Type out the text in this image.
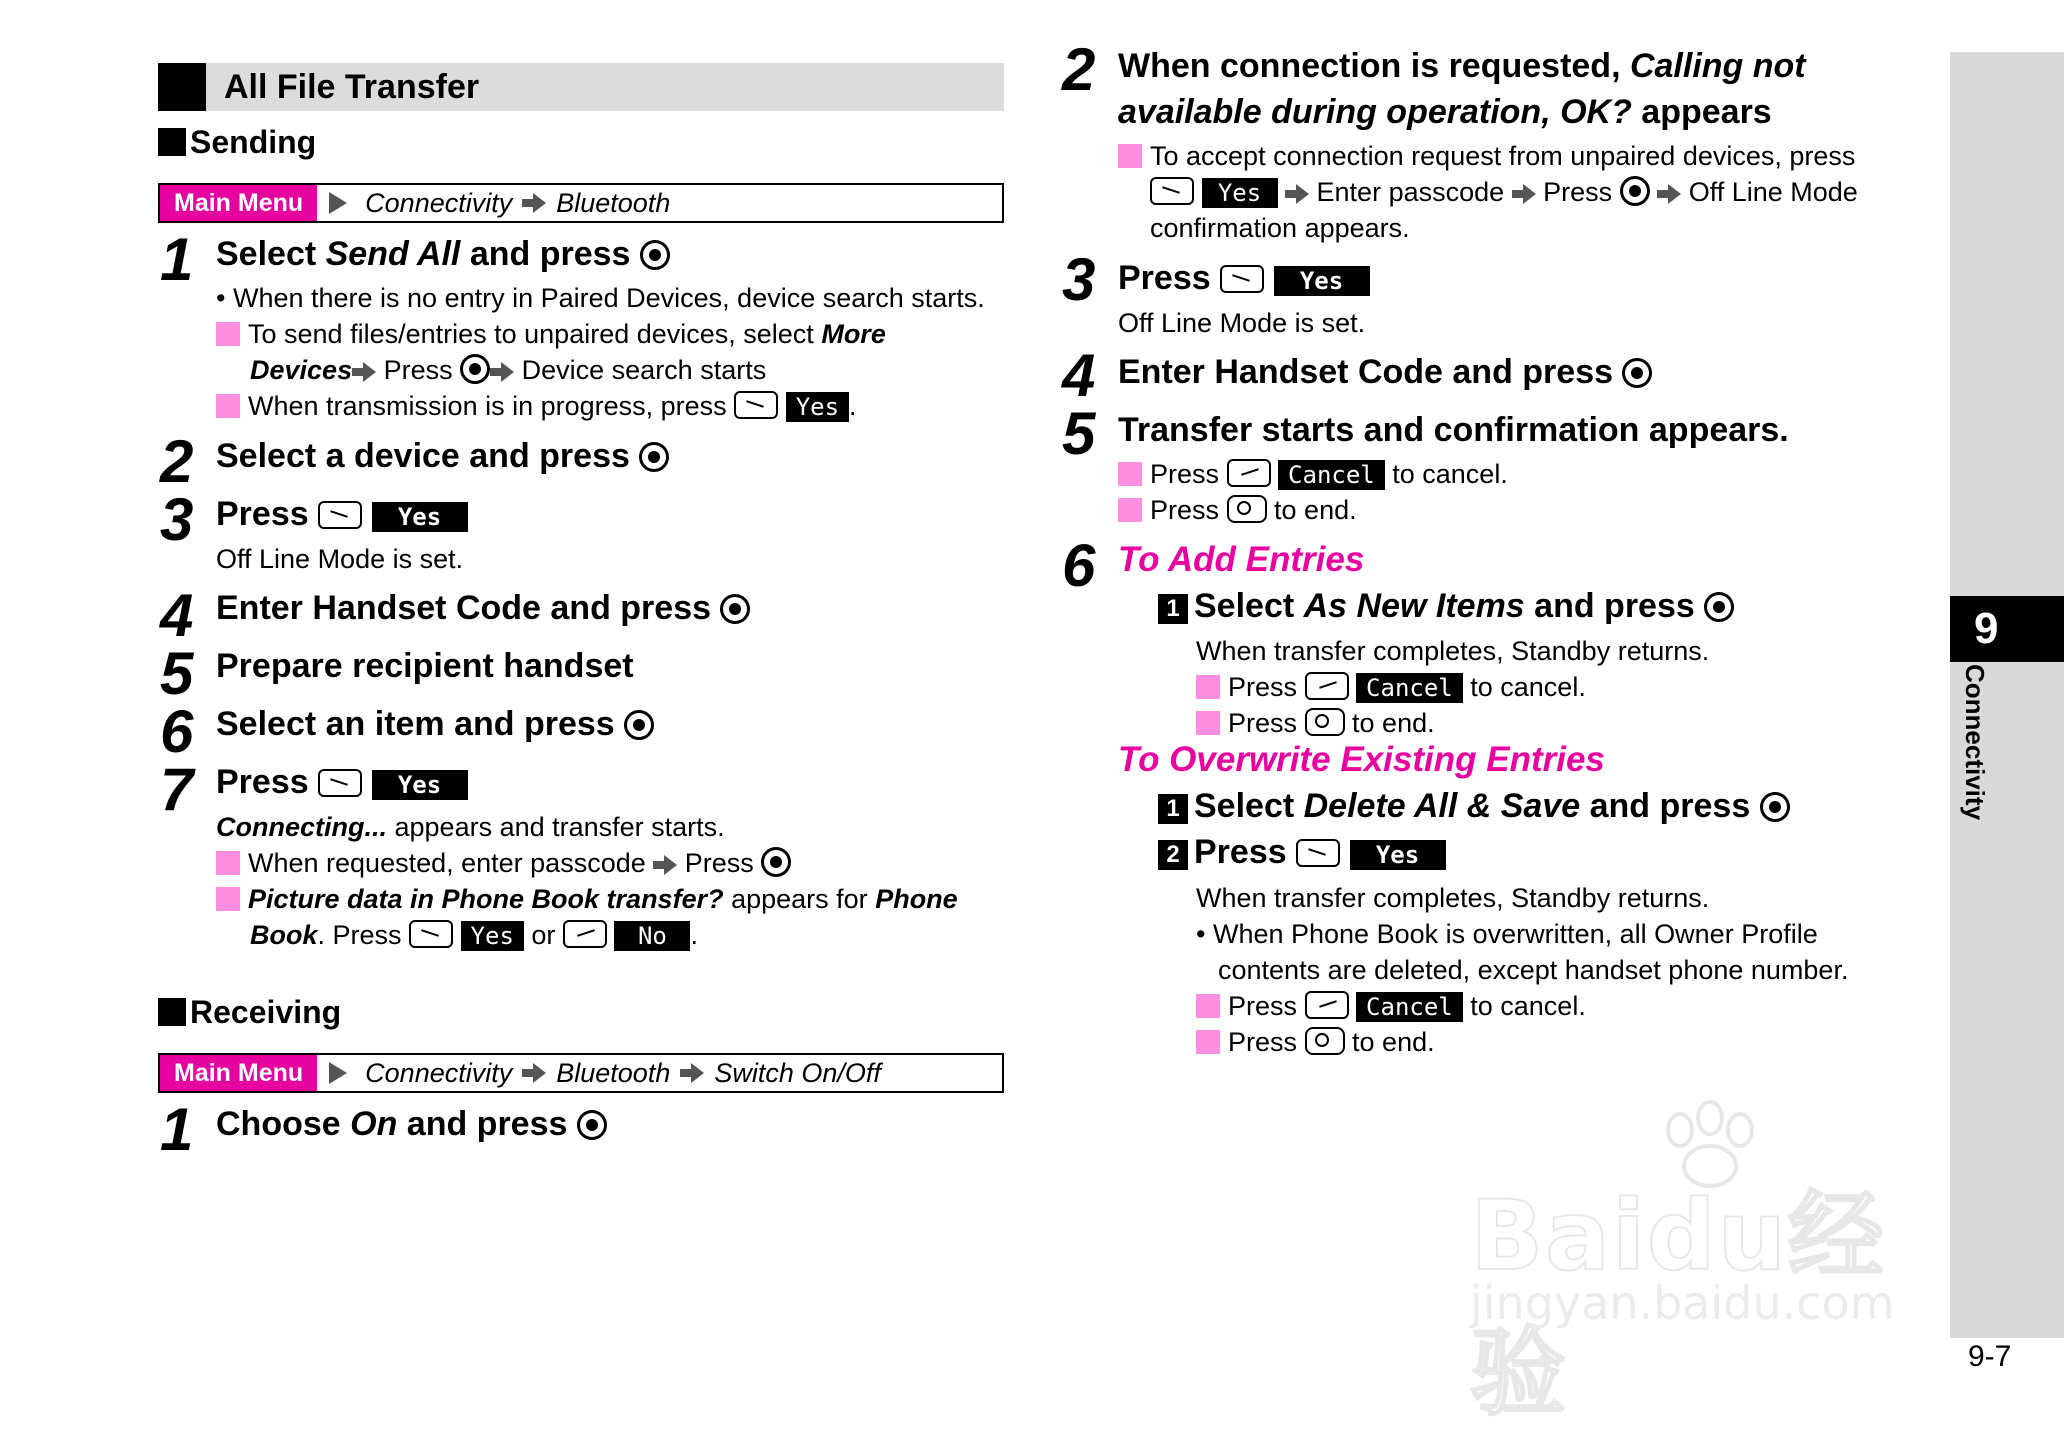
All File Transfer
Sending
Main Menu	Connectivity Bluetooth
1 Select Send All and press
• When there is no entry in Paired Devices, device search starts.
To send files/entries to unpaired devices, select More
Devices Press  Device search starts
When transmission is in progress, press	Yes .
2 Select a device and press
3 Press	Yes
Off Line Mode is set.
4 Enter Handset Code and press
5 Prepare recipient handset
6 Select an item and press
7 Press	Yes
Connecting... appears and transfer starts.
When requested, enter passcode  Press
Picture data in Phone Book transfer? appears for Phone
Book. Press	Yes or	No .
Receiving
Main Menu	Connectivity Bluetooth Switch On/Off
1 Choose On and press
2 When connection is requested, Calling not
available during operation, OK? appears
To accept connection request from unpaired devices, press
Yes  Enter passcode  Press   Off Line Mode
confirmation appears.
3 Press	Yes
Off Line Mode is set.
4 Enter Handset Code and press
5 Transfer starts and confirmation appears.
Press	Cancel to cancel.
Press  to end.
6 To Add Entries
1 Select As New Items and press
When transfer completes, Standby returns.
Press	Cancel to cancel.
Press  to end.
To Overwrite Existing Entries
1 Select Delete All & Save and press
2 Press	Yes
When transfer completes, Standby returns.
• When Phone Book is overwritten, all Owner Profile
contents are deleted, except handset phone number.
Press	Cancel to cancel.
Press  to end.
9
Connectivity
9-7
Baidu经验
jingyan.baidu.com
